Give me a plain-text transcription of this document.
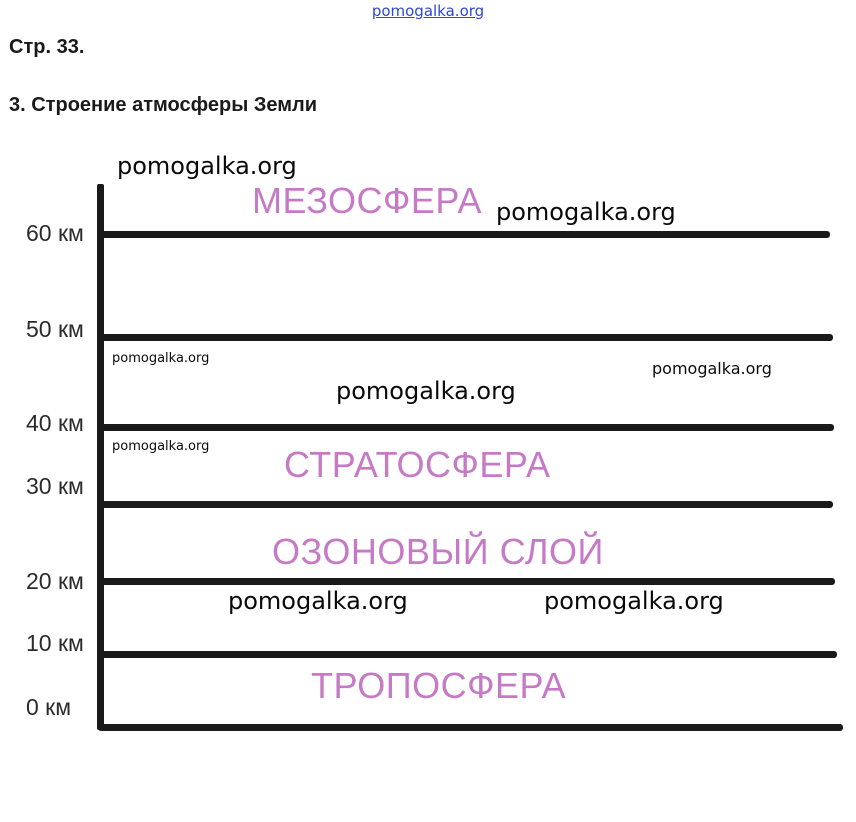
pomogalka.org
Стр. 33.
3. Строение атмосферы Земли
60 км
50 км
40 км
30 км
20 км
10 км
0 км
МЕЗОСФЕРА
СТРАТОСФЕРА
ОЗОНОВЫЙ СЛОЙ
ТРОПОСФЕРА
pomogalka.org
pomogalka.org
pomogalka.org
pomogalka.org
pomogalka.org
pomogalka.org
pomogalka.org	pomogalka.org
